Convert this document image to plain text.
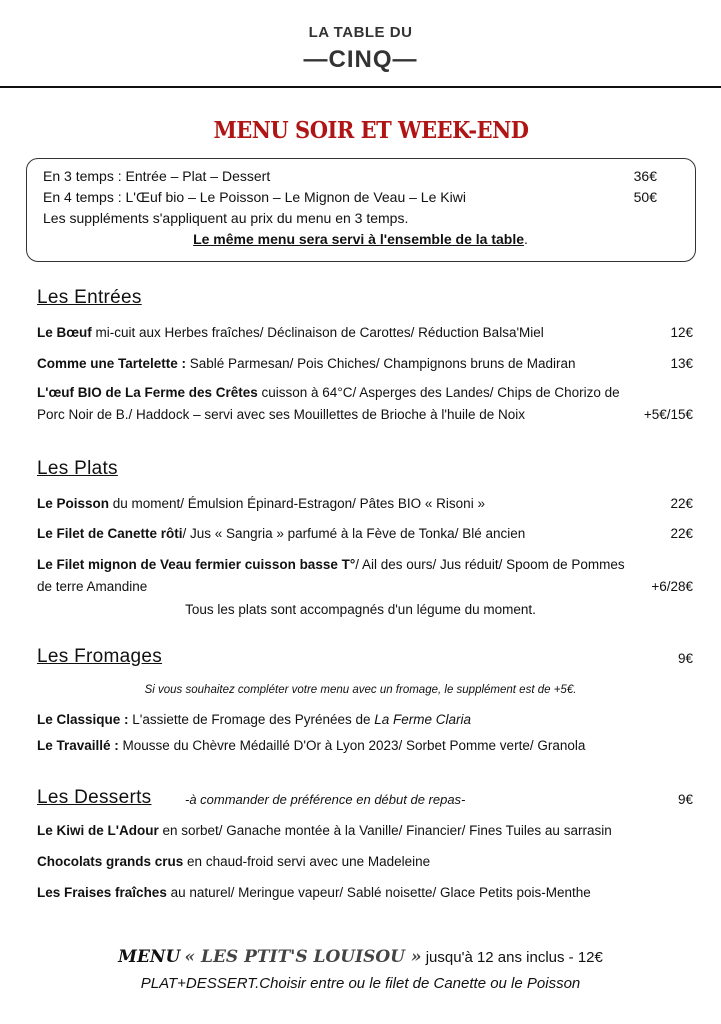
LA TABLE DU
—CINQ—
MENU SOIR ET WEEK-END
En 3 temps : Entrée – Plat – Dessert	36€
En 4 temps : L'Œuf bio – Le Poisson – Le Mignon de Veau – Le Kiwi	50€
Les suppléments s'appliquent au prix du menu en 3 temps.
Le même menu sera servi à l'ensemble de la table.
Les Entrées
Le Bœuf mi-cuit aux Herbes fraîches/ Déclinaison de Carottes/ Réduction Balsa'Miel	12€
Comme une Tartelette : Sablé Parmesan/ Pois Chiches/ Champignons bruns de Madiran	13€
L'œuf BIO de La Ferme des Crêtes cuisson à 64°C/ Asperges des Landes/ Chips de Chorizo de
Porc Noir de B./ Haddock – servi avec ses Mouillettes de Brioche à l'huile de Noix	+5€/15€
Les Plats
Le Poisson du moment/ Émulsion Épinard-Estragon/ Pâtes BIO « Risoni »	22€
Le Filet de Canette rôti/ Jus « Sangria » parfumé à la Fève de Tonka/ Blé ancien	22€
Le Filet mignon de Veau fermier cuisson basse T°/ Ail des ours/ Jus réduit/ Spoom de Pommes
de terre Amandine	+6/28€
Tous les plats sont accompagnés d'un légume du moment.
Les Fromages	9€
Si vous souhaitez compléter votre menu avec un fromage, le supplément est de +5€.
Le Classique : L'assiette de Fromage des Pyrénées de La Ferme Claria
Le Travaillé : Mousse du Chèvre Médaillé D'Or à Lyon 2023/ Sorbet Pomme verte/ Granola
Les Desserts	-à commander de préférence en début de repas-	9€
Le Kiwi de L'Adour en sorbet/ Ganache montée à la Vanille/ Financier/ Fines Tuiles au sarrasin
Chocolats grands crus en chaud-froid servi avec une Madeleine
Les Fraises fraîches au naturel/ Meringue vapeur/ Sablé noisette/ Glace Petits pois-Menthe
MENU « LES PTIT'S LOUISOU » jusqu'à 12 ans inclus - 12€
PLAT+DESSERT.Choisir entre ou le filet de Canette ou le Poisson
